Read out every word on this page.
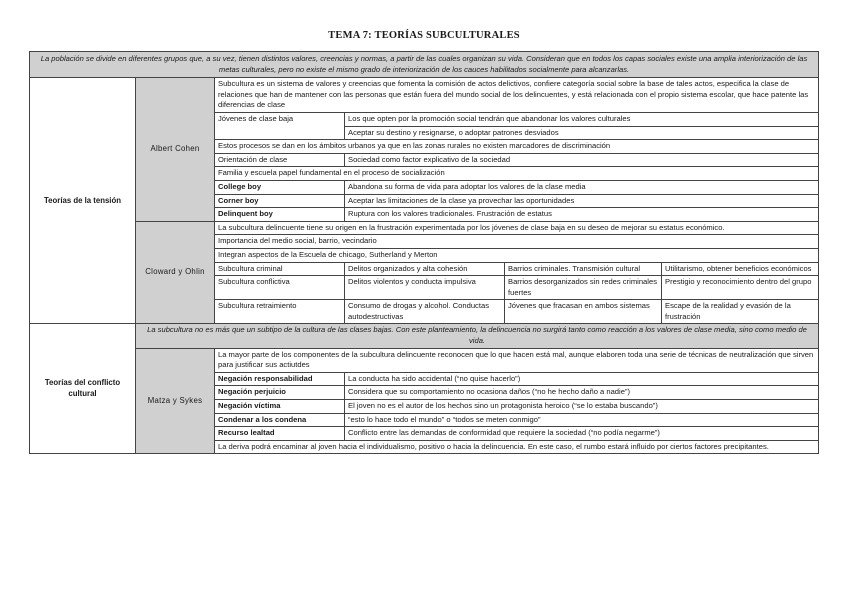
TEMA 7: TEORÍAS SUBCULTURALES
La población se divide en diferentes grupos que, a su vez, tienen distintos valores, creencias y normas, a partir de las cuales organizan su vida. Consideran que en todos los capas sociales existe una amplia interiorización de las metas culturales, pero no existe el mismo grado de interiorización de los cauces habilitados socialmente para alcanzarlas.					
Teorías de la tensión	Albert Cohen	Subcultura es un sistema de valores y creencias que fomenta la comisión de actos delictivos, confiere categoría social sobre la base de tales actos, especifica la clase de relaciones que han de mantener con las personas que están fuera del mundo social de los delincuentes, y está relacionada con el propio sistema escolar, que hace patente las diferencias de clase			
		Jóvenes de clase baja	Los que opten por la promoción social tendrán que abandonar los valores culturales		
			Aceptar su destino y resignarse, o adoptar patrones desviados		
		Estos procesos se dan en los ámbitos urbanos ya que en las zonas rurales no existen marcadores de discriminación			
		Orientación de clase	Sociedad como factor explicativo de la sociedad		
		Familia y escuela papel fundamental en el proceso de socialización			
		College boy	Abandona su forma de vida para adoptar los valores de la clase media		
		Corner boy	Aceptar las limitaciones de la clase ya provechar las oportunidades		
		Delinquent boy	Ruptura con los valores tradicionales. Frustración de estatus		
	Cloward y Ohlin	La subcultura delincuente tiene su origen en la frustración experimentada por los jóvenes de clase baja en su deseo de mejorar su estatus económico.			
		Importancia del medio social, barrio, vecindario			
		Integran aspectos de la Escuela de chicago, Sutherland y Merton			
		Subcultura criminal	Delitos organizados y alta cohesión	Barrios criminales. Transmisión cultural	Utilitarismo, obtener beneficios económicos
		Subcultura conflictiva	Delitos violentos y conducta impulsiva	Barrios desorganizados sin redes criminales fuertes	Prestigio y reconocimiento dentro del grupo
		Subcultura retraimiento	Consumo de drogas y alcohol. Conductas autodestructivas	Jóvenes que fracasan en ambos sistemas	Escape de la realidad y evasión de la frustración
Teorías del conflicto cultural	La subcultura no es más que un subtipo de la cultura de las clases bajas. Con este planteamiento, la delincuencia no surgirá tanto como reacción a los valores de clase media, sino como medio de vida.				
	Matza y Sykes	La mayor parte de los componentes de la subcultura delincuente reconocen que lo que hacen está mal, aunque elaboren toda una serie de técnicas de neutralización que sirven para justificar sus actiutdes			
		Negación responsabilidad	La conducta ha sido accidental (“no quise hacerlo”)		
		Negación perjuicio	Considera que su comportamiento no ocasiona daños (“no he hecho daño a nadie”)		
		Negación víctima	El joven no es el autor de los hechos sino un protagonista heroico (“se lo estaba buscando”)		
		Condenar a los condena	“esto lo hace todo el mundo” o “todos se meten conmigo”		
		Recurso lealtad	Conflicto entre las demandas de conformidad que requiere la sociedad (“no podía negarme”)		
		La deriva podrá encaminar al joven hacia el individualismo, positivo o hacia la delincuencia. En este caso, el rumbo estará influido por ciertos factores precipitantes.			
